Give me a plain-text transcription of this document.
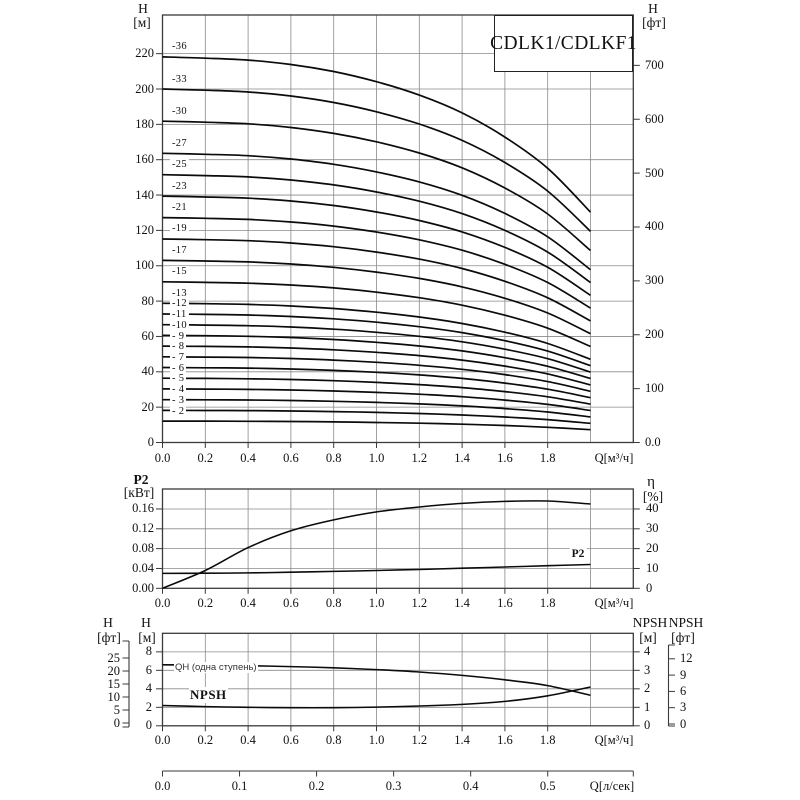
H
[м]
H
[фт]
Q[м³/ч]
CDLK1/CDLKF1
P2
[кВт]
η
[%]
Q[м³/ч]
P2
H
[фт]
H
[м]
NPSH
[м]
NPSH
[фт]
Q[м³/ч]
QH (одна ступень)
NPSH
Q[л/сек]
0
20
40
60
80
100
120
140
160
180
200
220
0.0
100
200
300
400
500
600
700
0.0 0.2 0.4 0.6 0.8 1.0 1.2 1.4 1.6 1.8
-36
-33
-30
-27
-25
-23
-21
-19
-17
-15
-13
-12
-11
-10
- 9
- 8
- 7
- 6
- 5
- 4
- 3
- 2
0.00
0.04
0.08
0.12
0.16
0
10
20
30
40
0.0 0.2 0.4 0.6 0.8 1.0 1.2 1.4 1.6 1.8
0
2
4
6
8
0
1
2
3
4
0
5
10
15
20
25
0
3
6
9
12
0.0 0.2 0.4 0.6 0.8 1.0 1.2 1.4 1.6 1.8
0.0	0.1	0.2	0.3	0.4	0.5
